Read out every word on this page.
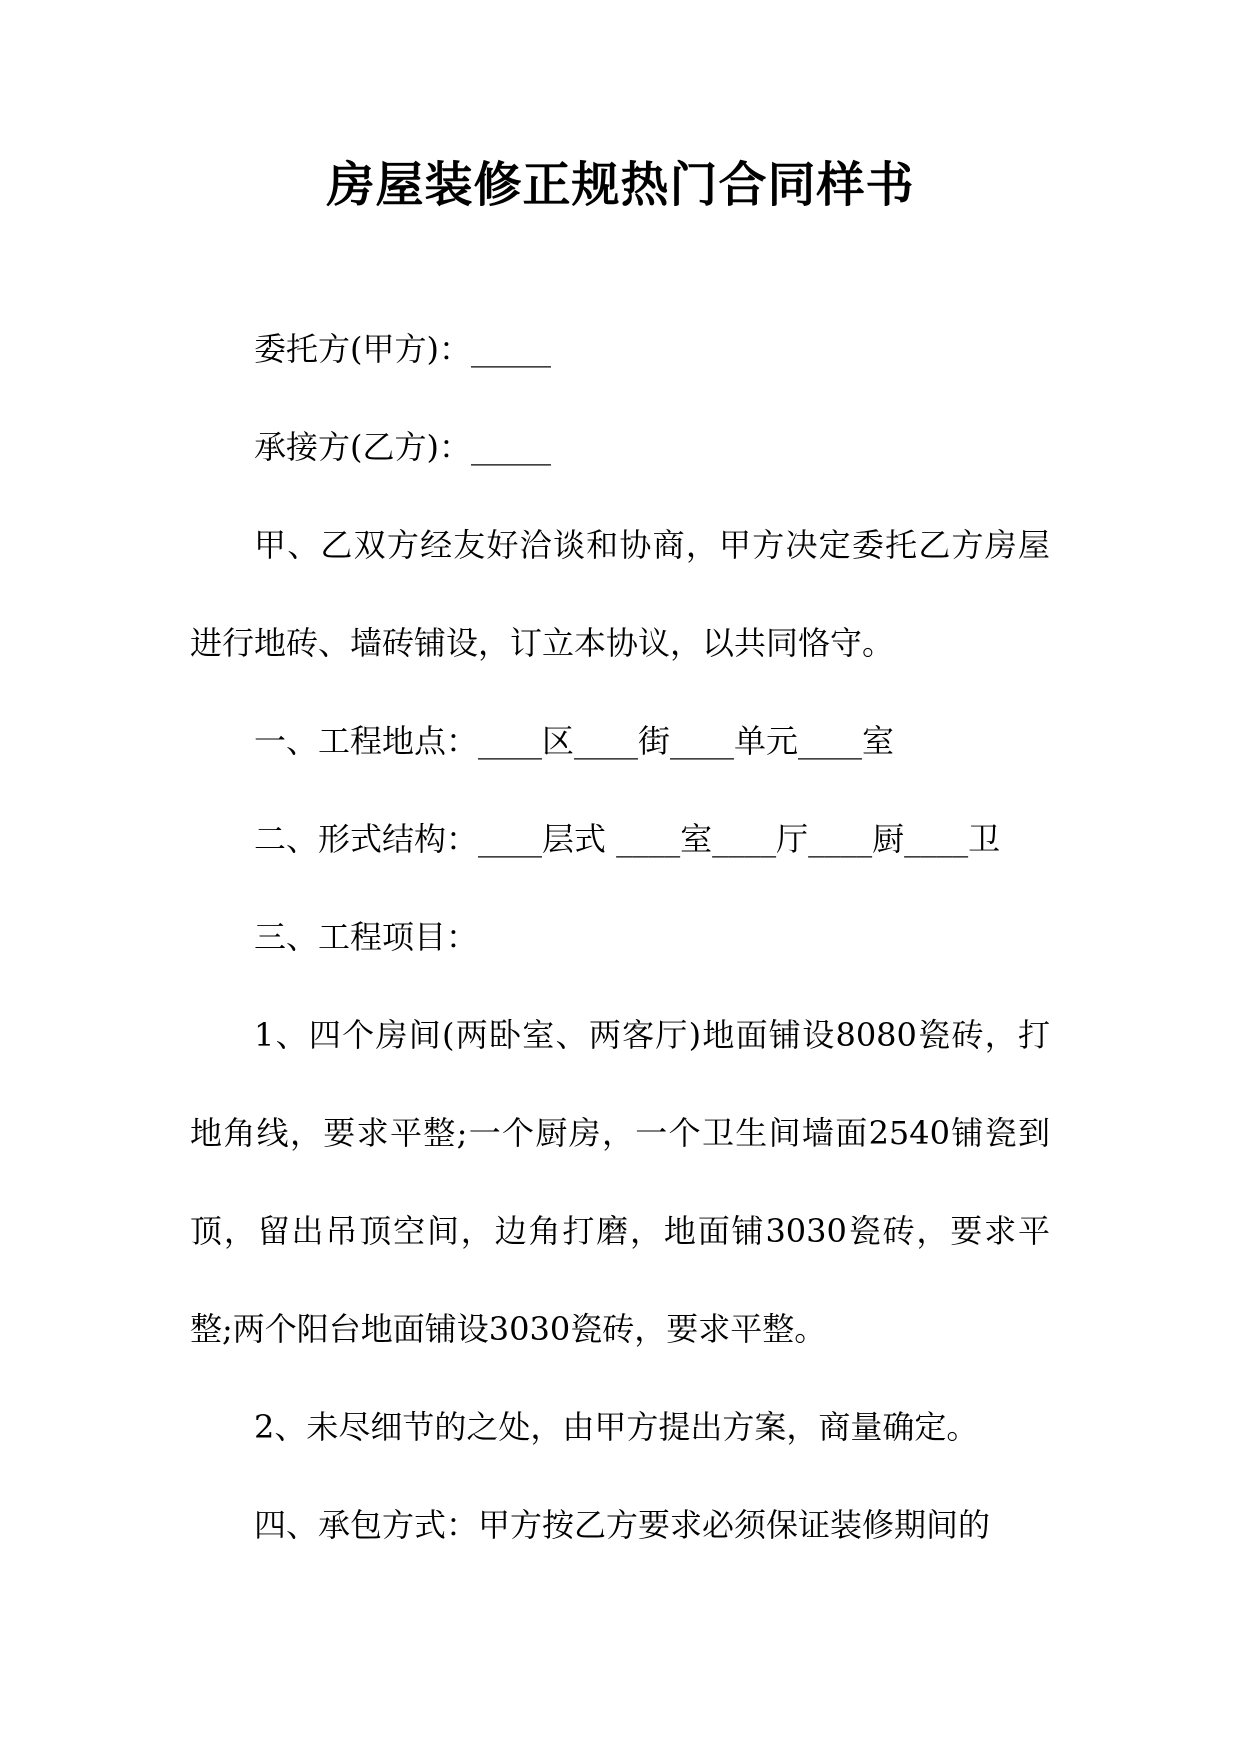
房屋装修正规热门合同样书

委托方(甲方)：_____

承接方(乙方)：_____

甲、乙双方经友好洽谈和协商，甲方决定委托乙方房屋进行地砖、墙砖铺设，订立本协议，以共同恪守。

一、工程地点：____区____街____单元____室

二、形式结构：____层式 ____室____厅____厨____卫

三、工程项目：

1、四个房间(两卧室、两客厅)地面铺设8080瓷砖，打地角线，要求平整;一个厨房，一个卫生间墙面2540铺瓷到顶，留出吊顶空间，边角打磨，地面铺3030瓷砖，要求平整;两个阳台地面铺设3030瓷砖，要求平整。

2、未尽细节的之处，由甲方提出方案，商量确定。

四、承包方式：甲方按乙方要求必须保证装修期间的
